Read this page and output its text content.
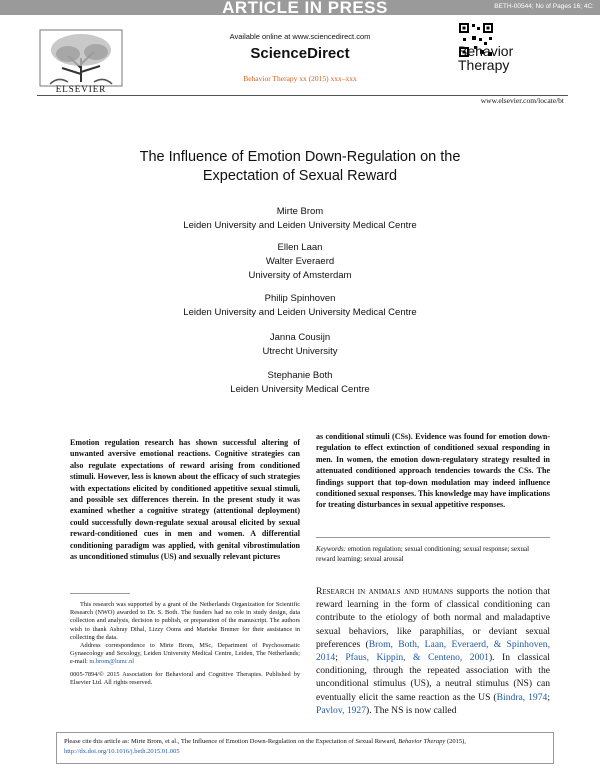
ARTICLE IN PRESS	BETH-00544; No of Pages 16; 4C:
ELSEVIER
Available online at www.sciencedirect.com
ScienceDirect
Behavior Therapy xx (2015) xxx–xxx
Behavior
Therapy
www.elsevier.com/locate/bt
The Influence of Emotion Down-Regulation on the Expectation of Sexual Reward
Mirte Brom
Leiden University and Leiden University Medical Centre
Ellen Laan
Walter Everaerd
University of Amsterdam
Philip Spinhoven
Leiden University and Leiden University Medical Centre
Janna Cousijn
Utrecht University
Stephanie Both
Leiden University Medical Centre
Emotion regulation research has shown successful altering of unwanted aversive emotional reactions. Cognitive strategies can also regulate expectations of reward arising from conditioned stimuli. However, less is known about the efficacy of such strategies with expectations elicited by conditioned appetitive sexual stimuli, and possible sex differences therein. In the present study it was examined whether a cognitive strategy (attentional deployment) could successfully down-regulate sexual arousal elicited by sexual reward-conditioned cues in men and women. A differential conditioning paradigm was applied, with genital vibrostimulation as unconditioned stimulus (US) and sexually relevant pictures
as conditional stimuli (CSs). Evidence was found for emotion down-regulation to effect extinction of conditioned sexual responding in men. In women, the emotion down-regulatory strategy resulted in attenuated conditioned approach tendencies towards the CSs. The findings support that top-down modulation may indeed influence conditioned sexual responses. This knowledge may have implications for treating disturbances in sexual appetitive responses.
Keywords: emotion regulation; sexual conditioning; sexual response; sexual reward learning; sexual arousal
This research was supported by a grant of the Netherlands Organization for Scientific Research (NWO) awarded to Dr. S. Both. The funders had no role in study design, data collection and analysis, decision to publish, or preparation of the manuscript. The authors wish to thank Ashray Dihal, Lizzy Ooms and Marieke Bremer for their assistance in collecting the data.
Address correspondence to Mirte Brom, MSc, Department of Psychosomatic Gynaecology and Sexology, Leiden University Medical Centre, Leiden, The Netherlands; e-mail: m.brom@lumc.nl
0005-7894/© 2015 Association for Behavioral and Cognitive Therapies. Published by Elsevier Ltd. All rights reserved.
Research in animals and humans supports the notion that reward learning in the form of classical conditioning can contribute to the etiology of both normal and maladaptive sexual behaviors, like paraphilias, or deviant sexual preferences (Brom, Both, Laan, Everaerd, & Spinhoven, 2014; Pfaus, Kippin, & Centeno, 2001). In classical conditioning, through the repeated association with the unconditional stimulus (US), a neutral stimulus (NS) can eventually elicit the same reaction as the US (Bindra, 1974; Pavlov, 1927). The NS is now called
Please cite this article as: Mirte Brom, et al., The Influence of Emotion Down-Regulation on the Expectation of Sexual Reward, Behavior Therapy (2015), http://dx.doi.org/10.1016/j.beth.2015.01.005
